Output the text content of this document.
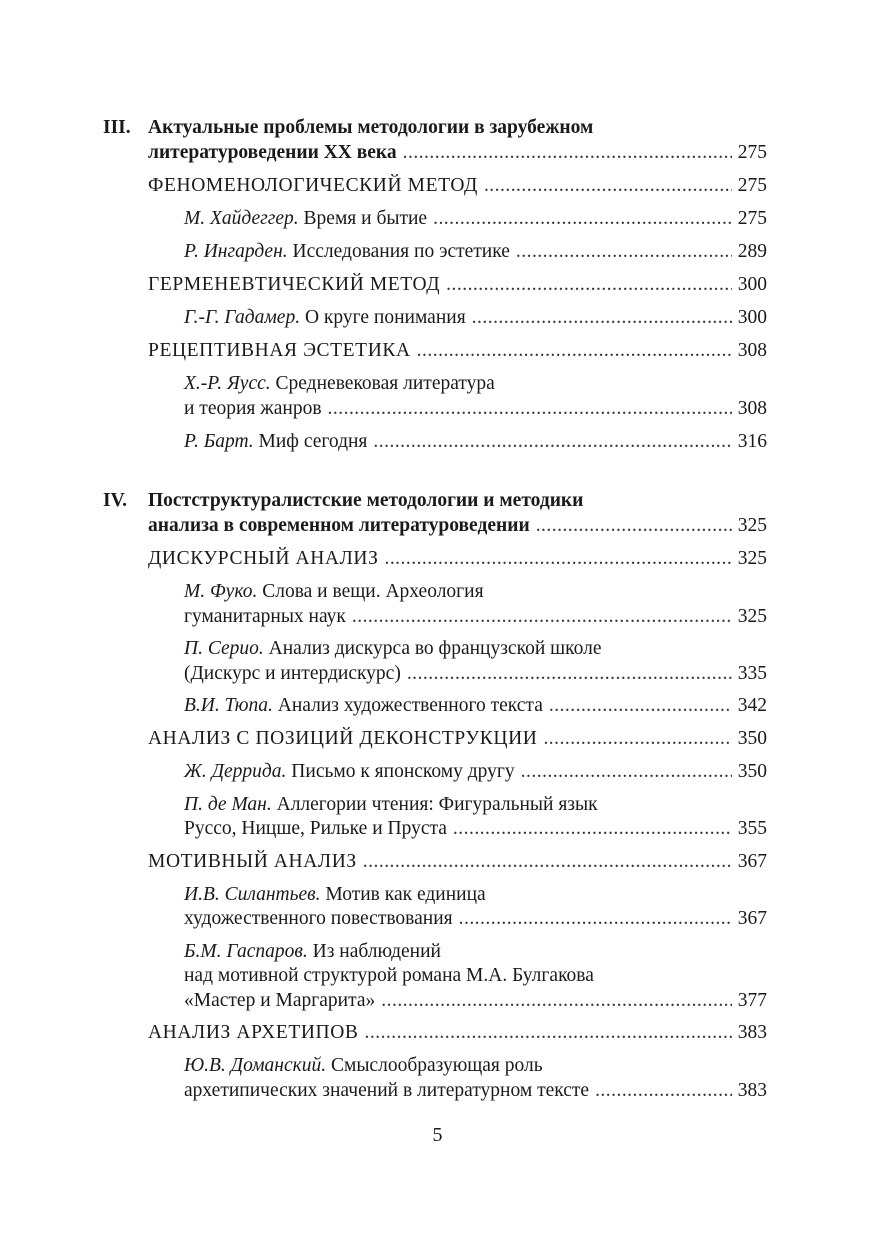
III. Актуальные проблемы методологии в зарубежном
литературоведении XX века . . .	275
ФЕНОМЕНОЛОГИЧЕСКИЙ МЕТОД . . .	275
М. Хайдеггер. Время и бытие . . .	275
Р. Ингарден. Исследования по эстетике . . .	289
ГЕРМЕНЕВТИЧЕСКИЙ МЕТОД . . .	300
Г.-Г. Гадамер. О круге понимания . . .	300
РЕЦЕПТИВНАЯ ЭСТЕТИКА . . .	308
Х.-Р. Яусс. Средневековая литература
и теория жанров . . .	308
Р. Барт. Миф сегодня . . .	316
IV. Постструктуралистские методологии и методики
анализа в современном литературоведении . . .	325
ДИСКУРСНЫЙ АНАЛИЗ . . .	325
М. Фуко. Слова и вещи. Археология
гуманитарных наук . . .	325
П. Серио. Анализ дискурса во французской школе
(Дискурс и интердискурс) . . .	335
В.И. Тюпа. Анализ художественного текста . . .	342
АНАЛИЗ С ПОЗИЦИЙ ДЕКОНСТРУКЦИИ . . .	350
Ж. Деррида. Письмо к японскому другу . . .	350
П. де Ман. Аллегории чтения: Фигуральный язык
Руссо, Ницше, Рильке и Пруста . . .	355
МОТИВНЫЙ АНАЛИЗ . . .	367
И.В. Силантьев. Мотив как единица
художественного повествования . . .	367
Б.М. Гаспаров. Из наблюдений
над мотивной структурой романа М.А. Булгакова
«Мастер и Маргарита» . . .	377
АНАЛИЗ АРХЕТИПОВ . . .	383
Ю.В. Доманский. Смыслообразующая роль
архетипических значений в литературном тексте . . .	383
5
